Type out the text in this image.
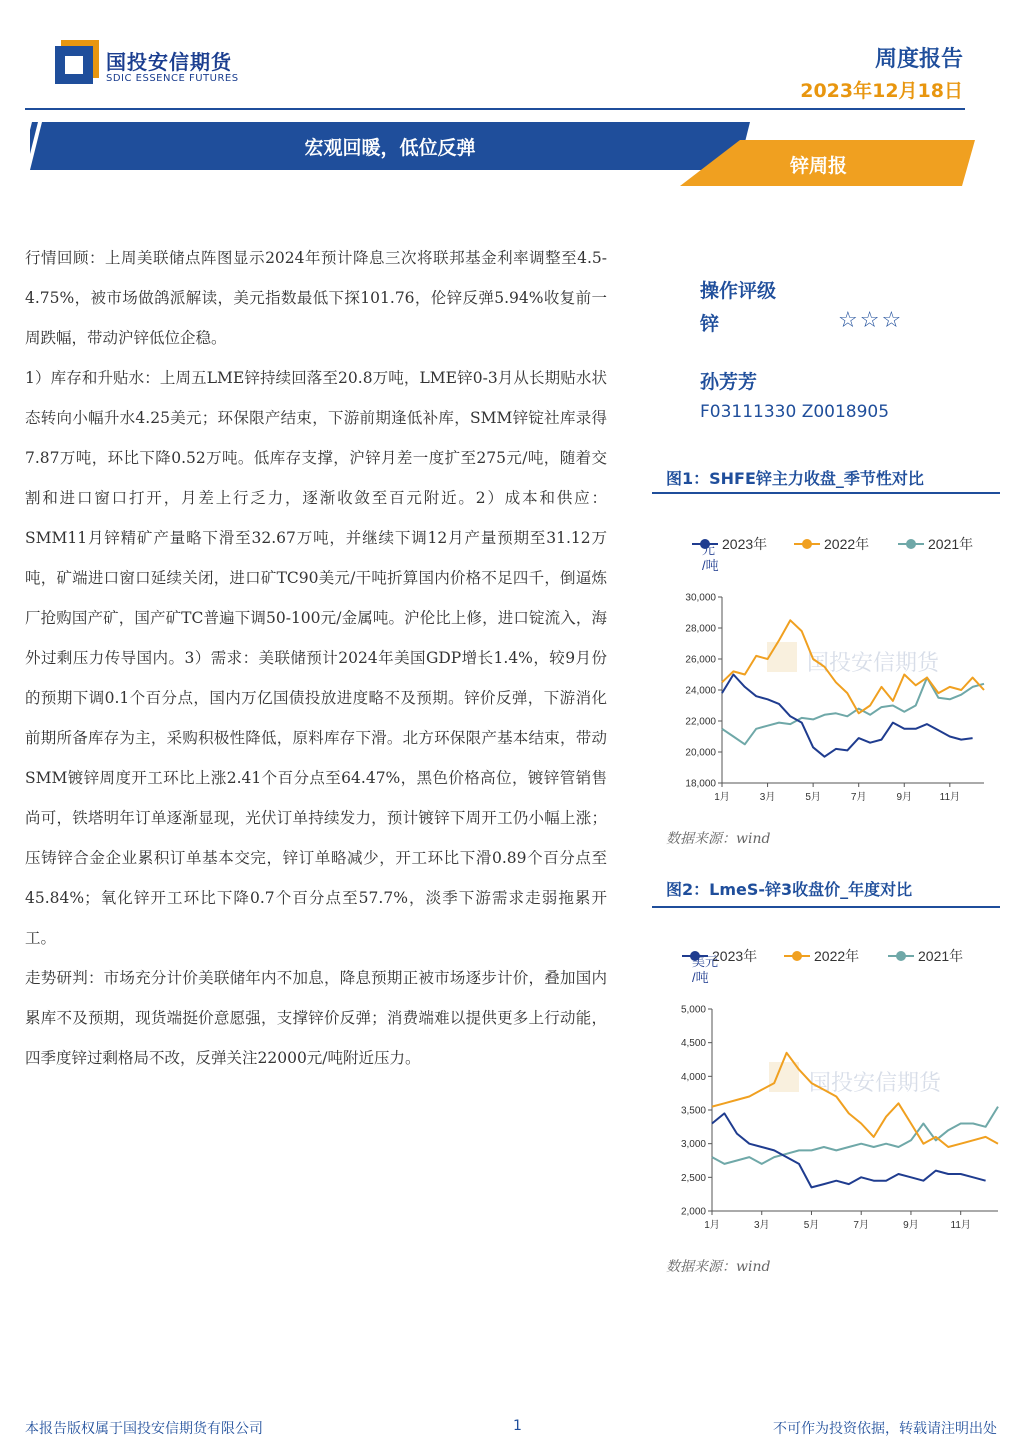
国投安信期货
SDIC ESSENCE FUTURES
周度报告
2023年12月18日
宏观回暖，低位反弹
锌周报

行情回顾：上周美联储点阵图显示2024年预计降息三次将联邦基金利率调整至4.5-4.75%，被市场做鸽派解读，美元指数最低下探101.76，伦锌反弹5.94%收复前一周跌幅，带动沪锌低位企稳。

1）库存和升贴水：上周五LME锌持续回落至20.8万吨，LME锌0-3月从长期贴水状态转向小幅升水4.25美元；环保限产结束，下游前期逢低补库，SMM锌锭社库录得7.87万吨，环比下降0.52万吨。低库存支撑，沪锌月差一度扩至275元/吨，随着交割和进口窗口打开，月差上行乏力，逐渐收敛至百元附近。2）成本和供应：SMM11月锌精矿产量略下滑至32.67万吨，并继续下调12月产量预期至31.12万吨，矿端进口窗口延续关闭，进口矿TC90美元/干吨折算国内价格不足四千，倒逼炼厂抢购国产矿，国产矿TC普遍下调50-100元/金属吨。沪伦比上修，进口锭流入，海外过剩压力传导国内。3）需求：美联储预计2024年美国GDP增长1.4%，较9月份的预期下调0.1个百分点，国内万亿国债投放进度略不及预期。锌价反弹，下游消化前期所备库存为主，采购积极性降低，原料库存下滑。北方环保限产基本结束，带动SMM镀锌周度开工环比上涨2.41个百分点至64.47%，黑色价格高位，镀锌管销售尚可，铁塔明年订单逐渐显现，光伏订单持续发力，预计镀锌下周开工仍小幅上涨；压铸锌合金企业累积订单基本交完，锌订单略减少，开工环比下滑0.89个百分点至45.84%；氧化锌开工环比下降0.7个百分点至57.7%，淡季下游需求走弱拖累开工。

走势研判：市场充分计价美联储年内不加息，降息预期正被市场逐步计价，叠加国内累库不及预期，现货端挺价意愿强，支撑锌价反弹；消费端难以提供更多上行动能，四季度锌过剩格局不改，反弹关注22000元/吨附近压力。

操作评级
锌	☆☆☆
孙芳芳
F03111330 Z0018905
图1：SHFE锌主力收盘_季节性对比
国投安信期货
2023年	2022年	2021年
元
/吨
18,000
20,000
22,000
24,000
26,000
28,000
30,000
1月	3月	5月	7月	9月	11月
数据来源：wind
图2：LmeS-锌3收盘价_年度对比
国投安信期货
2023年	2022年	2021年
美元
/吨
2,000
2,500
3,000
3,500
4,000
4,500
5,000
1月	3月	5月	7月	9月	11月
数据来源：wind
本报告版权属于国投安信期货有限公司	1	不可作为投资依据，转载请注明出处
